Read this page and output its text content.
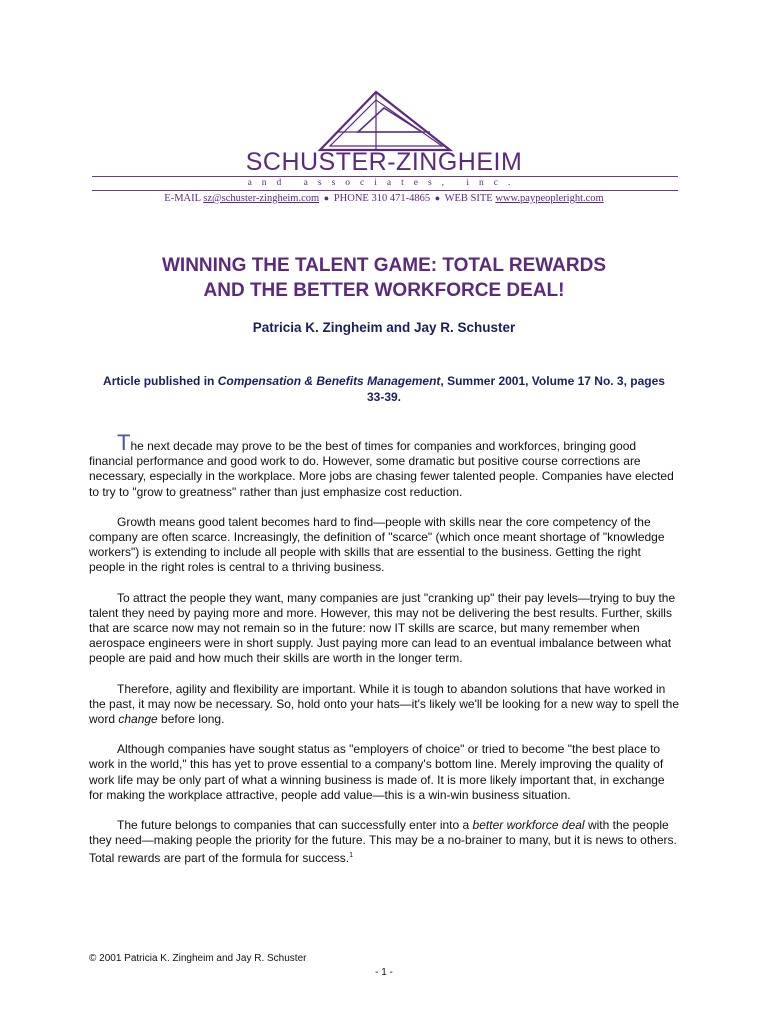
SCHUSTER-ZINGHEIM
and associates, inc.
E-MAIL sz@schuster-zingheim.com ● PHONE 310 471-4865 ● WEB SITE www.paypeopleright.com
WINNING THE TALENT GAME: TOTAL REWARDS
AND THE BETTER WORKFORCE DEAL!
Patricia K. Zingheim and Jay R. Schuster
Article published in Compensation & Benefits Management, Summer 2001, Volume 17 No. 3, pages 33-39.

The next decade may prove to be the best of times for companies and workforces, bringing good financial performance and good work to do. However, some dramatic but positive course corrections are necessary, especially in the workplace. More jobs are chasing fewer talented people. Companies have elected to try to "grow to greatness" rather than just emphasize cost reduction.

Growth means good talent becomes hard to find—people with skills near the core competency of the company are often scarce. Increasingly, the definition of "scarce" (which once meant shortage of "knowledge workers") is extending to include all people with skills that are essential to the business. Getting the right people in the right roles is central to a thriving business.

To attract the people they want, many companies are just "cranking up" their pay levels—trying to buy the talent they need by paying more and more. However, this may not be delivering the best results. Further, skills that are scarce now may not remain so in the future: now IT skills are scarce, but many remember when aerospace engineers were in short supply. Just paying more can lead to an eventual imbalance between what people are paid and how much their skills are worth in the longer term.

Therefore, agility and flexibility are important. While it is tough to abandon solutions that have worked in the past, it may now be necessary. So, hold onto your hats—it's likely we'll be looking for a new way to spell the word change before long.

Although companies have sought status as "employers of choice" or tried to become "the best place to work in the world," this has yet to prove essential to a company's bottom line. Merely improving the quality of work life may be only part of what a winning business is made of. It is more likely important that, in exchange for making the workplace attractive, people add value—this is a win-win business situation.

The future belongs to companies that can successfully enter into a better workforce deal with the people they need—making people the priority for the future. This may be a no-brainer to many, but it is news to others. Total rewards are part of the formula for success.$^1$

© 2001 Patricia K. Zingheim and Jay R. Schuster
- 1 -
